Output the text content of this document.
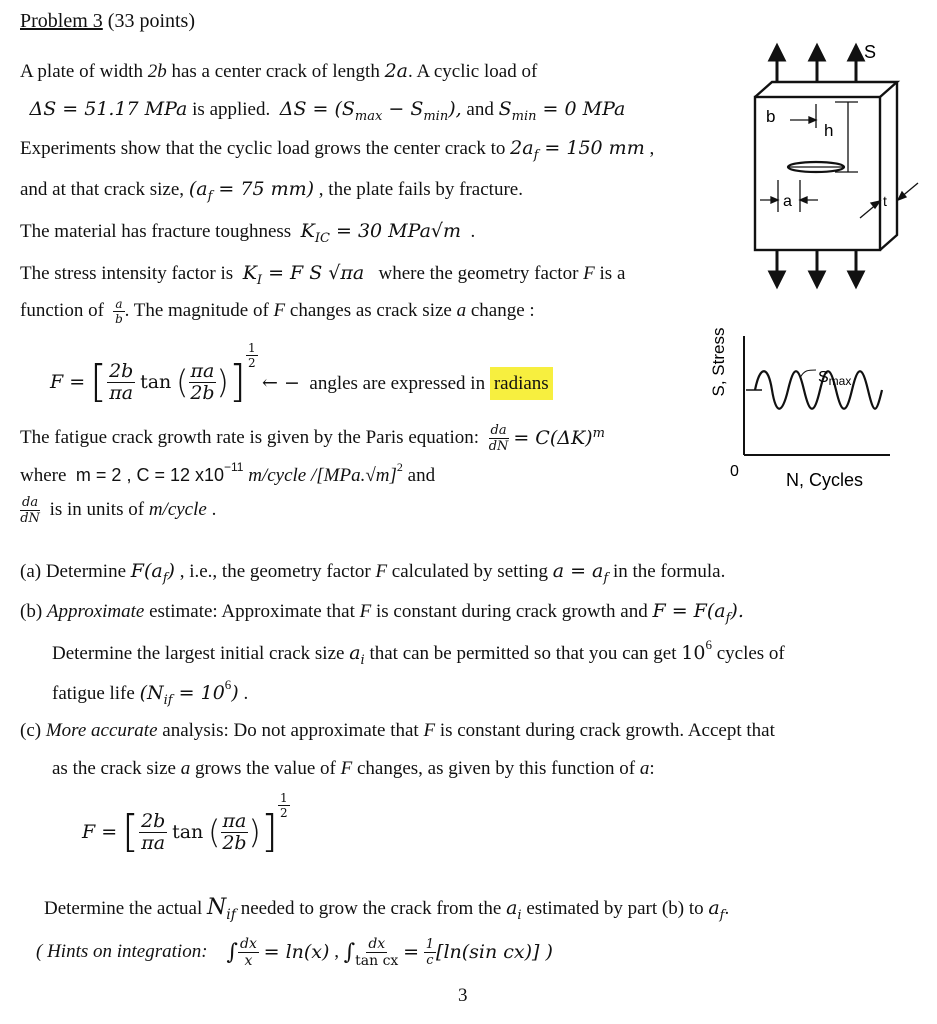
Problem 3 (33 points)
A plate of width 2b has a center crack of length 2a. A cyclic load of
ΔS = 51.17 MPa is applied. $\Delta S = (S_{max} - S_{min})$, and $S_{min} = 0$ MPa
Experiments show that the cyclic load grows the center crack to $2a_f = 150$ mm ,
and at that crack size, ($a_f = 75$ mm) , the plate fails by fracture.
The material has fracture toughness $K_{IC} = 30$ MPa√m .
The stress intensity factor is $K_I = F$ S √πa where the geometry factor F is a
function of $\frac{a}{b}$ . The magnitude of F changes as crack size a change :
F =
[ $\frac{2b}{\pi a}$
tan
( $\frac{\pi a}{2b}$ ) ]
$\frac{1}{2}$
← − angles are expressed in radians
The fatigue crack growth rate is given by the Paris equation:
$\frac{da}{dN}$
= $C(\Delta K)^m$
where m = 2 , C = 12 $x10^{-11}$ m/cycle $/[MPa.√m]^2$ and
$\frac{da}{dN}$
is in units of
m/cycle
.
(a) Determine $F(a_f)$ , i.e., the geometry factor F calculated by setting $a = a_f$ in the formula.
(b) Approximate estimate: Approximate that F is constant during crack growth and $F = F(a_f)$.
Determine the largest initial crack size $a_i$ that can be permitted so that you can get $10^6$ cycles of
fatigue life $(N_{if} = 10^6)$ .
(c) More accurate analysis: Do not approximate that F is constant during crack growth. Accept that
as the crack size a grows the value of F changes, as given by this function of a:
F =
[ $\frac{2b}{\pi a}$
tan
( $\frac{\pi a}{2b}$ ) ]
$\frac{1}{2}$
Determine the actual $N_{if}$ needed to grow the crack from the $a_i$ estimated by part (b) to $a_f$.
( Hints on integration:
∫ $\frac{dx}{x}$
= ln(x)
,
∫ $\frac{dx}{\text{tan cx}}$
=
$\frac{1}{c} [\ln(\sin$ cx)] )
3
S
b
h
a	t
S, Stress	Smax
0	N, Cycles
